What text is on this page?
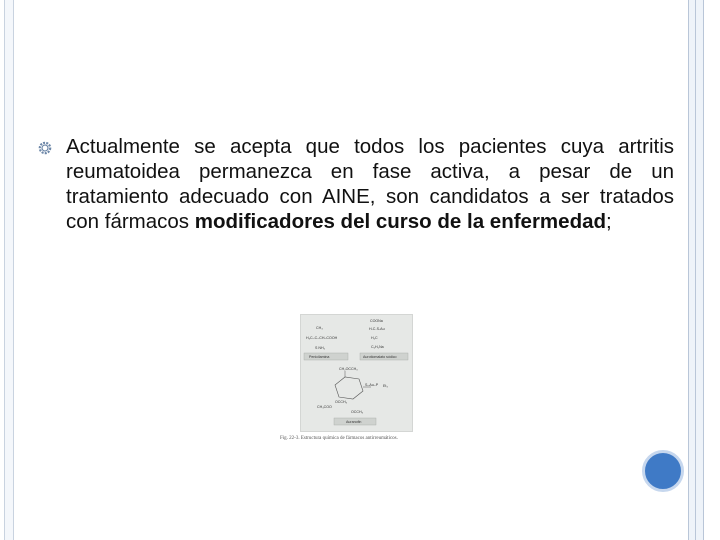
Actualmente se acepta que todos los pacientes cuya artritis reumatoidea permanezca en fase activa, a pesar de un tratamiento adecuado con AINE, son candidatos a ser tratados con fármacos modificadores del curso de la enfermedad;
CH₃
H₃C–C–CH–COOH
S NH₂
COONa
H-C-S-Au
H₂C
C₆H₅Na
Penicilamina	Aurotiomalato sódico
CH₂OCCH₃
S–Au–P Et₃
OCCH₃
CH₃COO
OCCH₃
Auranofin
Fig. 22-3. Estructura química de fármacos antirreumáticos.
